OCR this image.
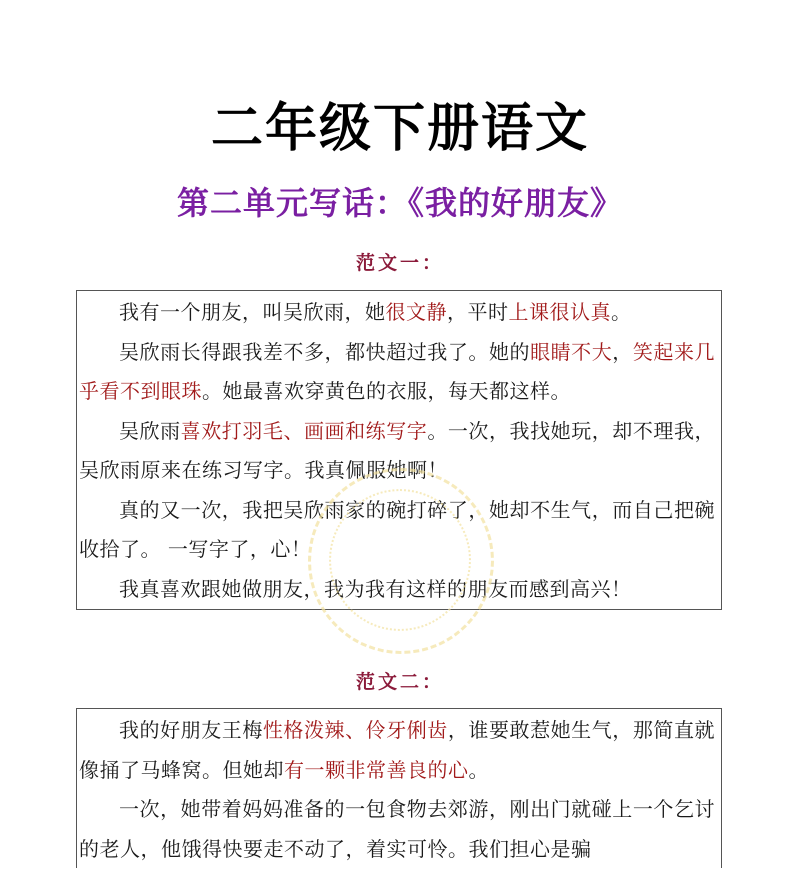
二年级下册语文
第二单元写话：《我的好朋友》
范文一：

我有一个朋友，叫吴欣雨，她很文静，平时上课很认真。

吴欣雨长得跟我差不多，都快超过我了。她的眼睛不大，笑起来几乎看不到眼珠。她最喜欢穿黄色的衣服，每天都这样。

吴欣雨喜欢打羽毛、画画和练写字。一次，我找她玩，却不理我，吴欣雨原来在练习写字。我真佩服她啊！

真的又一次，我把吴欣雨家的碗打碎了，她却不生气，而自己把碗收拾了。 一写字了，心！

我真喜欢跟她做朋友，我为我有这样的朋友而感到高兴！

范文二：

我的好朋友王梅性格泼辣、伶牙俐齿，谁要敢惹她生气，那简直就像捅了马蜂窝。但她却有一颗非常善良的心。

一次，她带着妈妈准备的一包食物去郊游，刚出门就碰上一个乞讨的老人，他饿得快要走不动了，着实可怜。我们担心是骗
